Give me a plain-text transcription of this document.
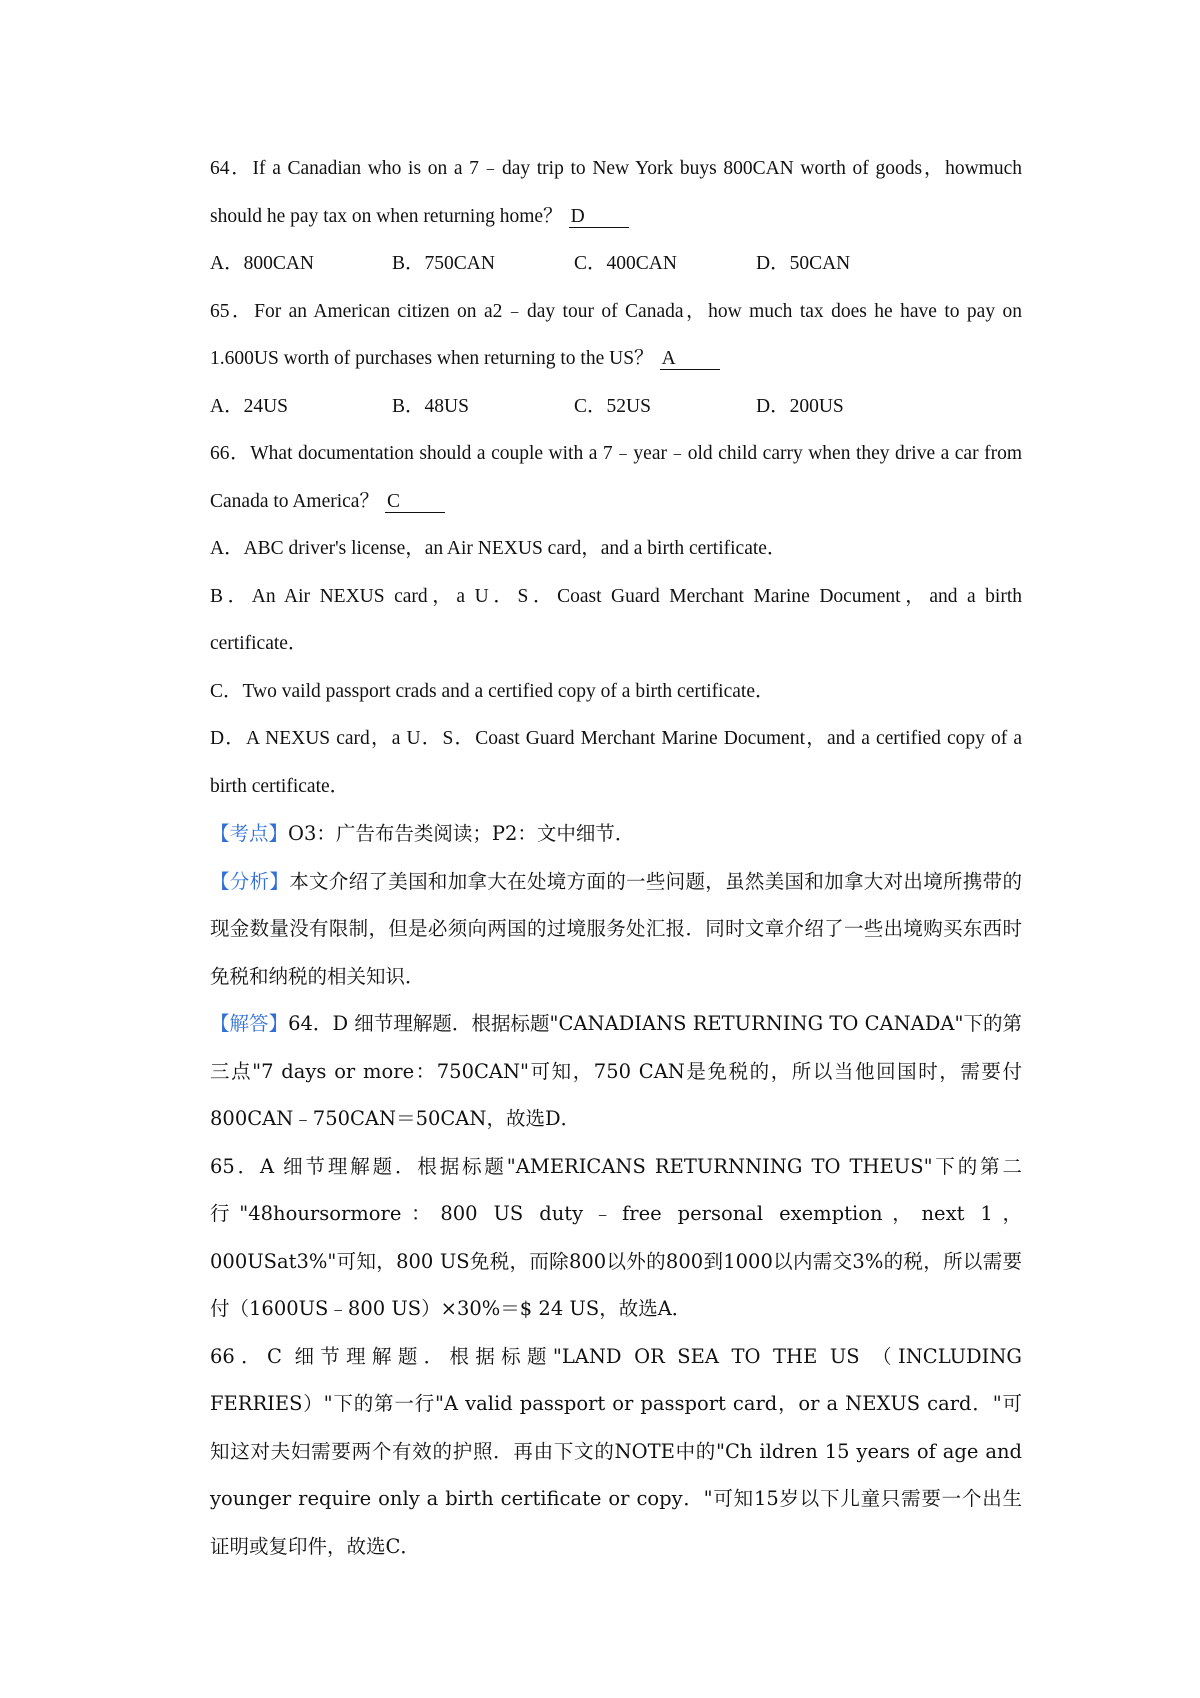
64．If a Canadian who is on a 7﹣day trip to New York buys 800CAN worth of goods，howmuch should he pay tax on when returning home？ D

A．800CAN	B．750CAN	C．400CAN	D．50CAN

65．For an American citizen on a2﹣day tour of Canada，how much tax does he have to pay on 1.600US worth of purchases when returning to the US？ A

A．24US	B．48US	C．52US	D．200US

66．What documentation should a couple with a 7﹣year﹣old child carry when they drive a car from Canada to America？ C

A．ABC driver's license，an Air NEXUS card，and a birth certificate．

B．An Air NEXUS card，a U．S．Coast Guard Merchant Marine Document，and a birth certificate．

C．Two vaild passport crads and a certified copy of a birth certificate．

D．A NEXUS card，a U．S．Coast Guard Merchant Marine Document，and a certified copy of a birth certificate．

【考点】O3：广告布告类阅读；P2：文中细节．

【分析】本文介绍了美国和加拿大在处境方面的一些问题，虽然美国和加拿大对出境所携带的现金数量没有限制，但是必须向两国的过境服务处汇报．同时文章介绍了一些出境购买东西时免税和纳税的相关知识．

【解答】64．D 细节理解题．根据标题"CANADIANS RETURNING TO CANADA"下的第三点"7 days or more：750CAN"可知，750 CAN是免税的，所以当他回国时，需要付800CAN﹣750CAN＝50CAN，故选D．

65．A 细节理解题．根据标题"AMERICANS RETURNNING TO THEUS"下的第二行"48hoursormore：800 US duty﹣free personal exemption，next 1，000USat3%"可知，800 US免税，而除800以外的800到1000以内需交3%的税，所以需要付（1600US﹣800 US）×30%＝$ 24 US，故选A．

66．C 细节理解题．根据标题"LAND OR SEA TO THE US （INCLUDING FERRIES）"下的第一行"A valid passport or passport card，or a NEXUS card．"可知这对夫妇需要两个有效的护照．再由下文的NOTE中的"Ch ildren 15 years of age and younger require only a birth certificate or copy．"可知15岁以下儿童只需要一个出生证明或复印件，故选C．
